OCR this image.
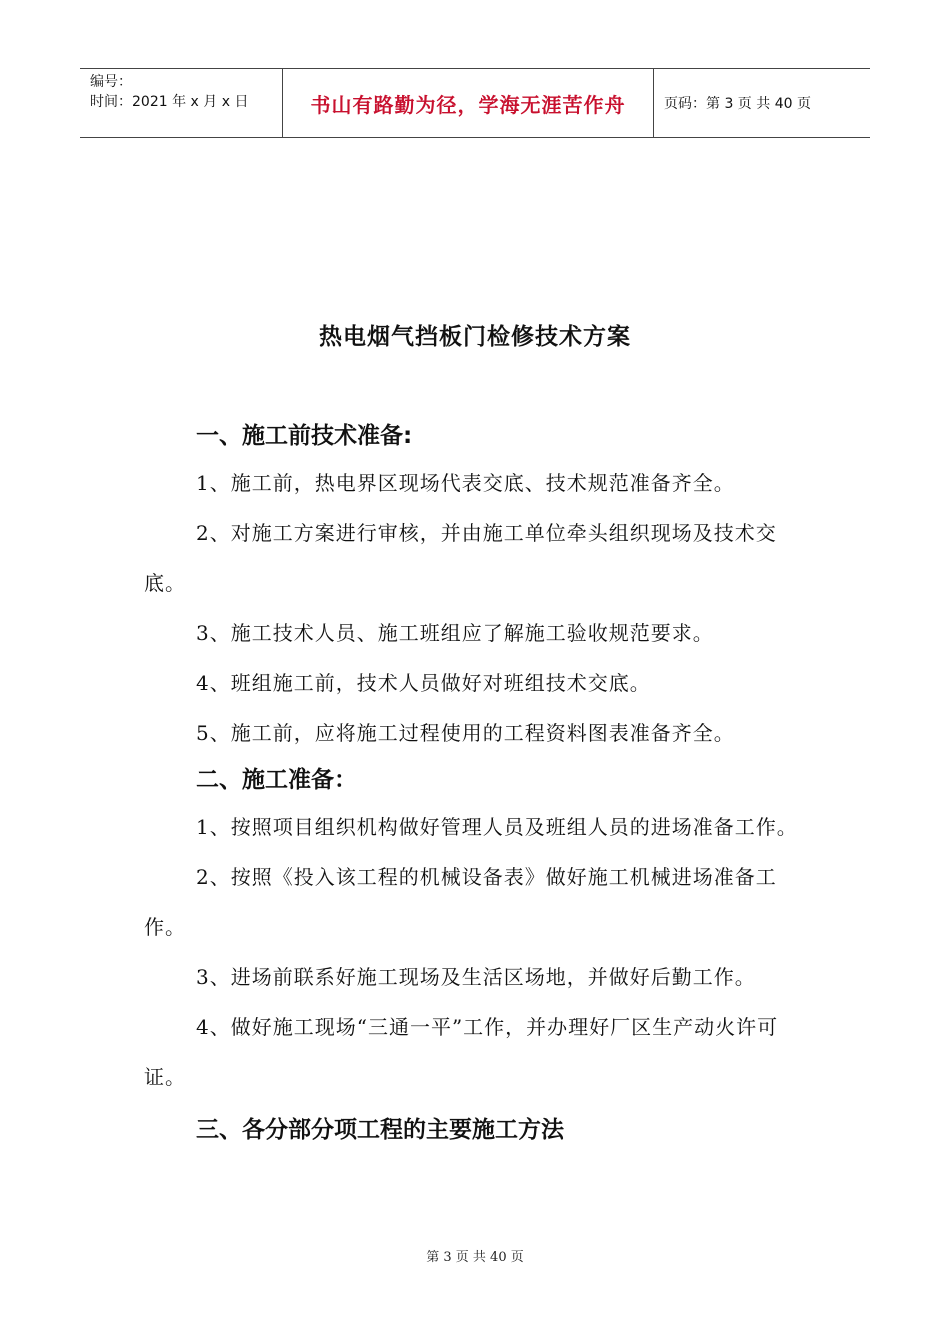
编号：
时间：2021 年 x 月 x 日	书山有路勤为径，学海无涯苦作舟	页码：第 3 页 共 40 页
热电烟气挡板门检修技术方案

一、施工前技术准备:

1、施工前，热电界区现场代表交底、技术规范准备齐全。

2、对施工方案进行审核，并由施工单位牵头组织现场及技术交底。

3、施工技术人员、施工班组应了解施工验收规范要求。

4、班组施工前，技术人员做好对班组技术交底。

5、施工前，应将施工过程使用的工程资料图表准备齐全。

二、施工准备：

1、按照项目组织机构做好管理人员及班组人员的进场准备工作。

2、按照《投入该工程的机械设备表》做好施工机械进场准备工作。

3、进场前联系好施工现场及生活区场地，并做好后勤工作。

4、做好施工现场“三通一平”工作，并办理好厂区生产动火许可证。

三、各分部分项工程的主要施工方法

第 3 页 共 40 页
